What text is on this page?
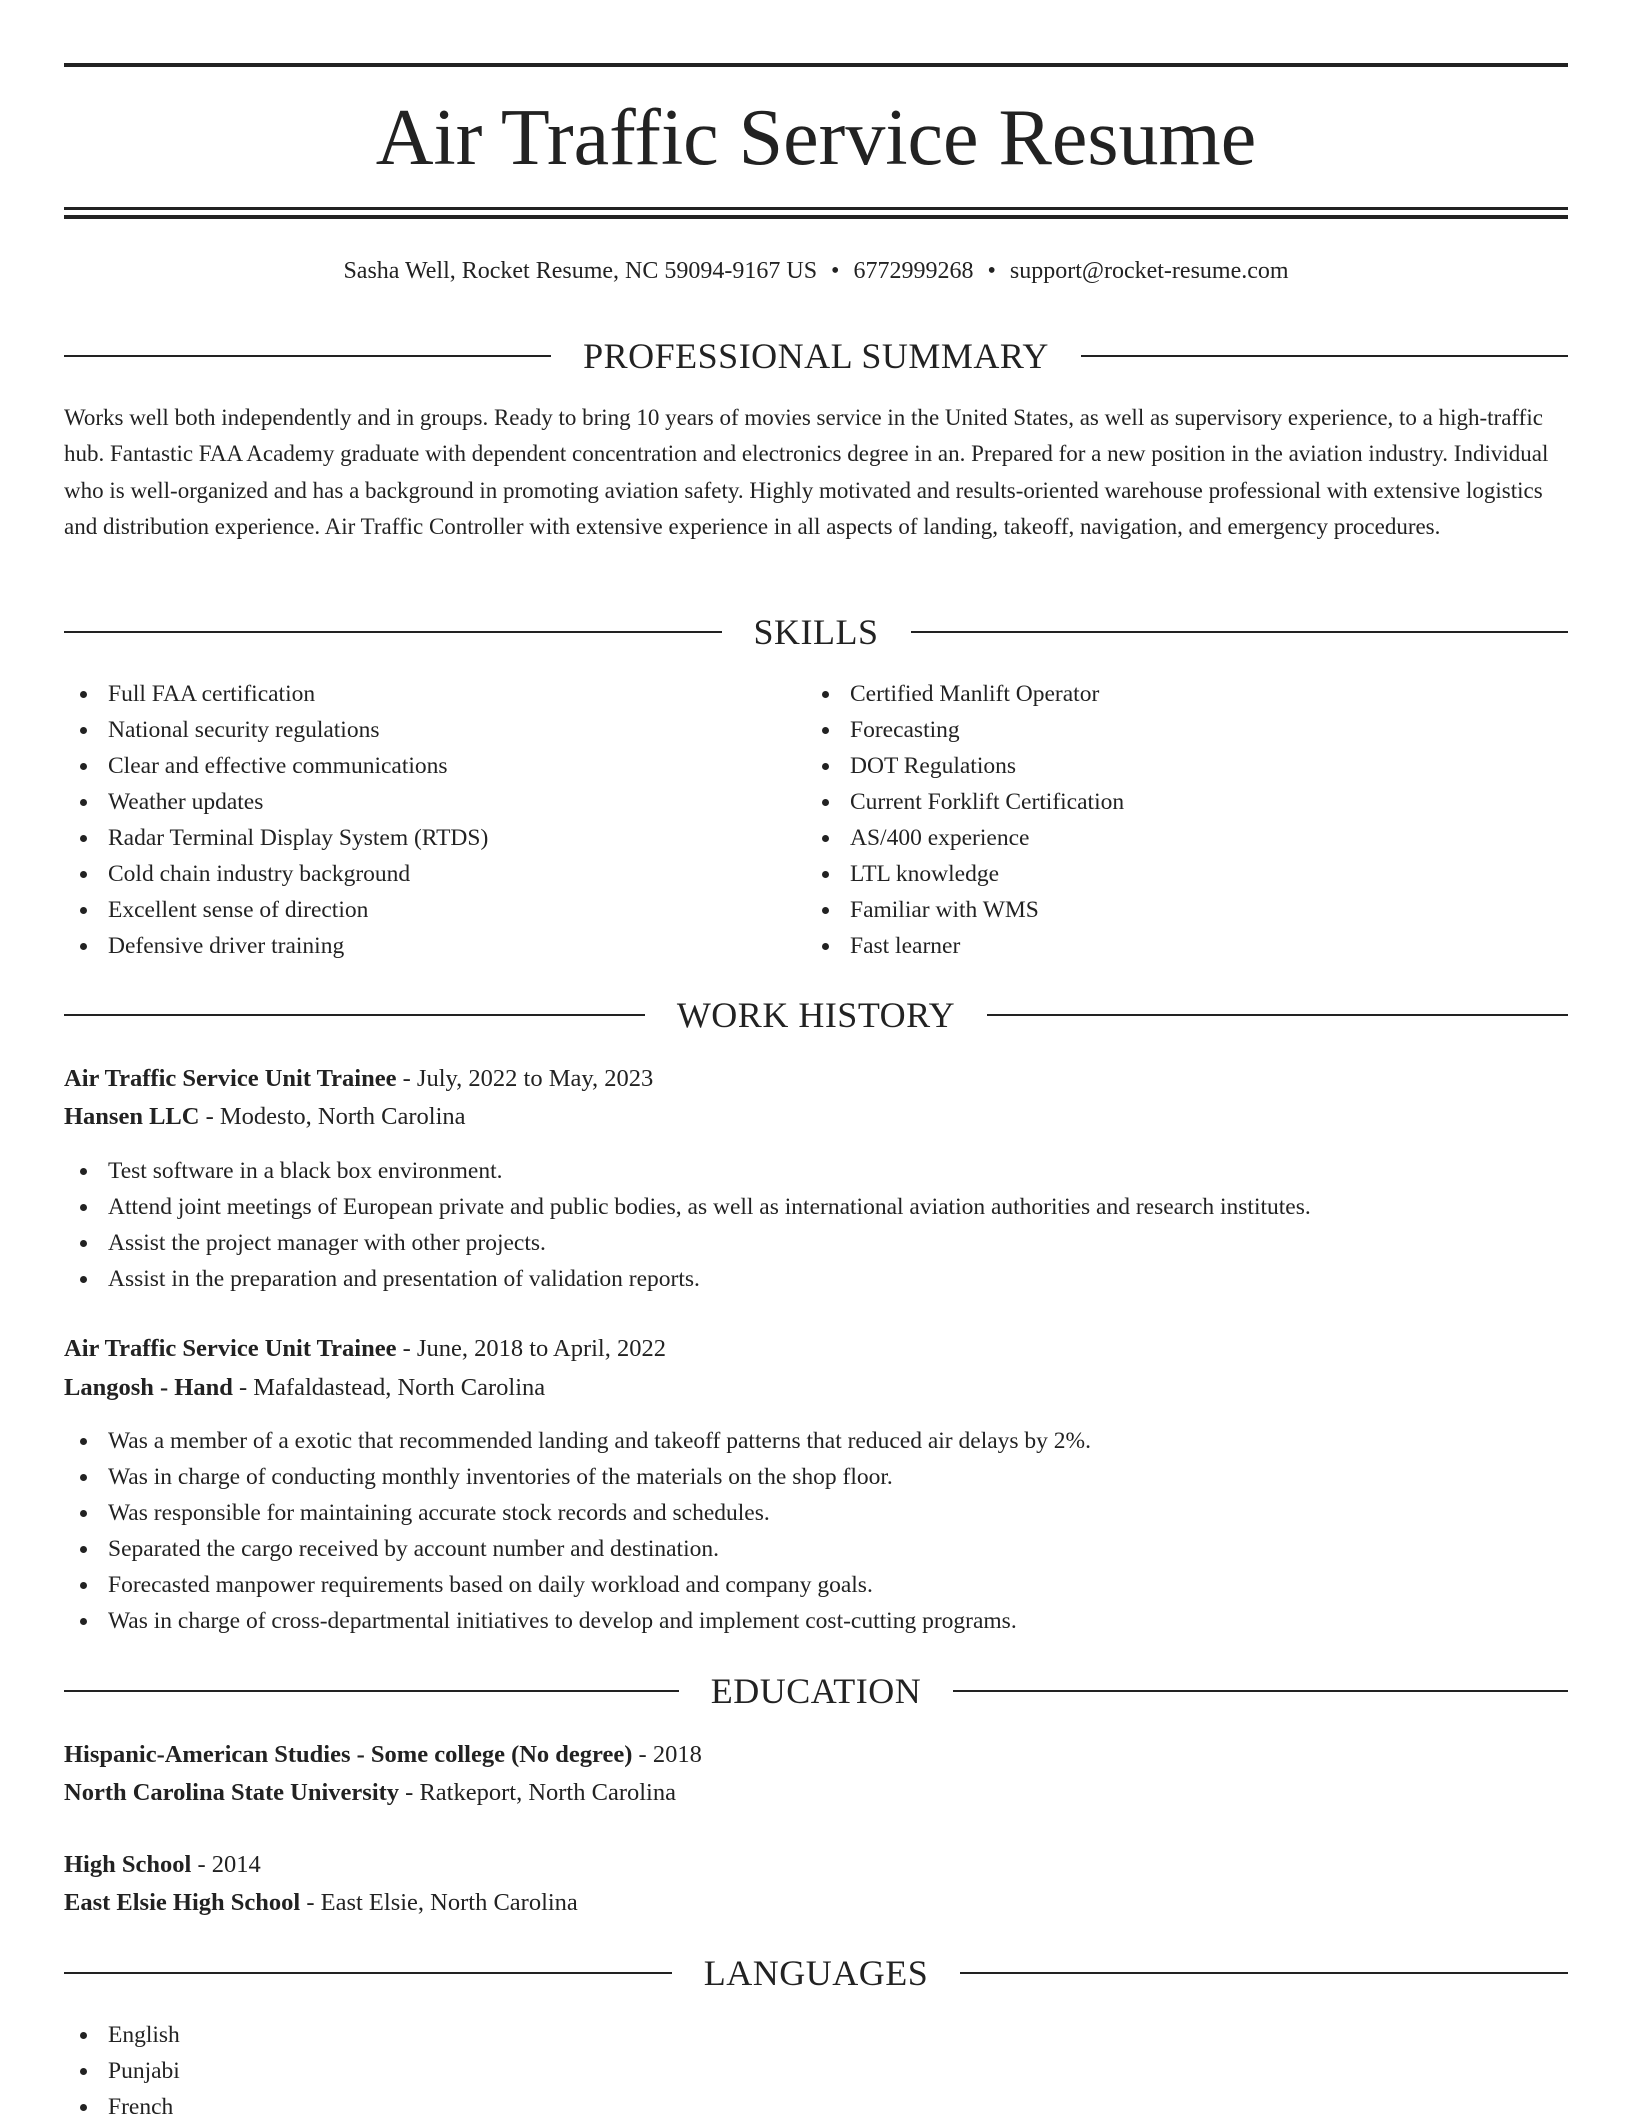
Air Traffic Service Resume
Sasha Well, Rocket Resume, NC 59094-9167 US • 6772999268 • support@rocket-resume.com
PROFESSIONAL SUMMARY

Works well both independently and in groups. Ready to bring 10 years of movies service in the United States, as well as supervisory experience, to a high-traffic hub. Fantastic FAA Academy graduate with dependent concentration and electronics degree in an. Prepared for a new position in the aviation industry. Individual who is well-organized and has a background in promoting aviation safety. Highly motivated and results-oriented warehouse professional with extensive logistics and distribution experience. Air Traffic Controller with extensive experience in all aspects of landing, takeoff, navigation, and emergency procedures.

SKILLS
Full FAA certification
National security regulations
Clear and effective communications
Weather updates
Radar Terminal Display System (RTDS)
Cold chain industry background
Excellent sense of direction
Defensive driver training
Certified Manlift Operator
Forecasting
DOT Regulations
Current Forklift Certification
AS/400 experience
LTL knowledge
Familiar with WMS
Fast learner
WORK HISTORY
Air Traffic Service Unit Trainee - July, 2022 to May, 2023
Hansen LLC - Modesto, North Carolina
Test software in a black box environment.
Attend joint meetings of European private and public bodies, as well as international aviation authorities and research institutes.
Assist the project manager with other projects.
Assist in the preparation and presentation of validation reports.
Air Traffic Service Unit Trainee - June, 2018 to April, 2022
Langosh - Hand - Mafaldastead, North Carolina
Was a member of a exotic that recommended landing and takeoff patterns that reduced air delays by 2%.
Was in charge of conducting monthly inventories of the materials on the shop floor.
Was responsible for maintaining accurate stock records and schedules.
Separated the cargo received by account number and destination.
Forecasted manpower requirements based on daily workload and company goals.
Was in charge of cross-departmental initiatives to develop and implement cost-cutting programs.
EDUCATION
Hispanic-American Studies - Some college (No degree) - 2018
North Carolina State University - Ratkeport, North Carolina
High School - 2014
East Elsie High School - East Elsie, North Carolina
LANGUAGES
English
Punjabi
French
